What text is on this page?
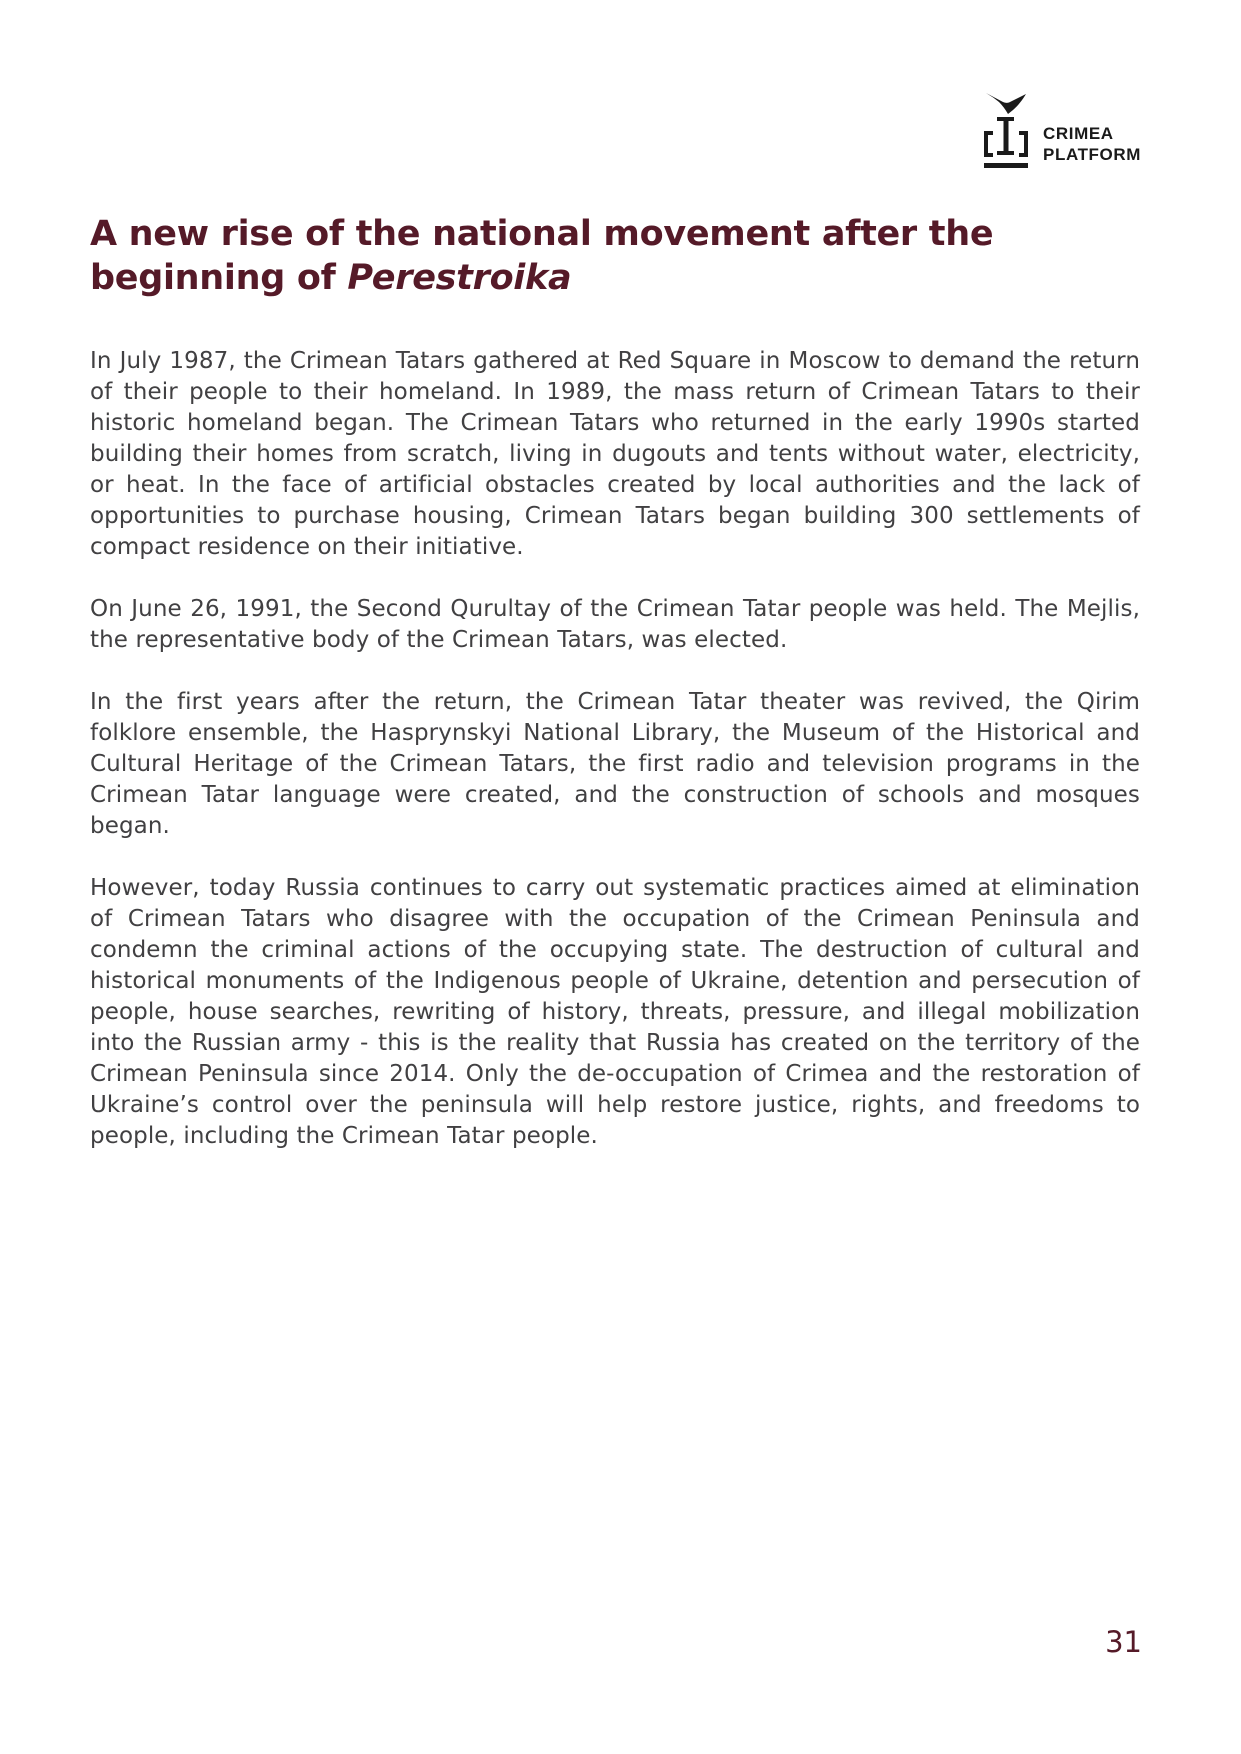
CRIMEA
PLATFORM
A new rise of the national movement after the beginning of Perestroika

In July 1987, the Crimean Tatars gathered at Red Square in Moscow to demand the return of their people to their homeland. In 1989, the mass return of Crimean Tatars to their historic homeland began. The Crimean Tatars who returned in the early 1990s started building their homes from scratch, living in dugouts and tents without water, electricity, or heat. In the face of artificial obstacles created by local authorities and the lack of opportunities to purchase housing, Crimean Tatars began building 300 settlements of compact residence on their initiative.

On June 26, 1991, the Second Qurultay of the Crimean Tatar people was held. The Mejlis, the representative body of the Crimean Tatars, was elected.

In the first years after the return, the Crimean Tatar theater was revived, the Qirim folklore ensemble, the Hasprynskyi National Library, the Museum of the Historical and Cultural Heritage of the Crimean Tatars, the first radio and television programs in the Crimean Tatar language were created, and the construction of schools and mosques began.

However, today Russia continues to carry out systematic practices aimed at elimination of Crimean Tatars who disagree with the occupation of the Crimean Peninsula and condemn the criminal actions of the occupying state. The destruction of cultural and historical monuments of the Indigenous people of Ukraine, detention and persecution of people, house searches, rewriting of history, threats, pressure, and illegal mobilization into the Russian army - this is the reality that Russia has created on the territory of the Crimean Peninsula since 2014. Only the de-occupation of Crimea and the restoration of Ukraine’s control over the peninsula will help restore justice, rights, and freedoms to people, including the Crimean Tatar people.

31
